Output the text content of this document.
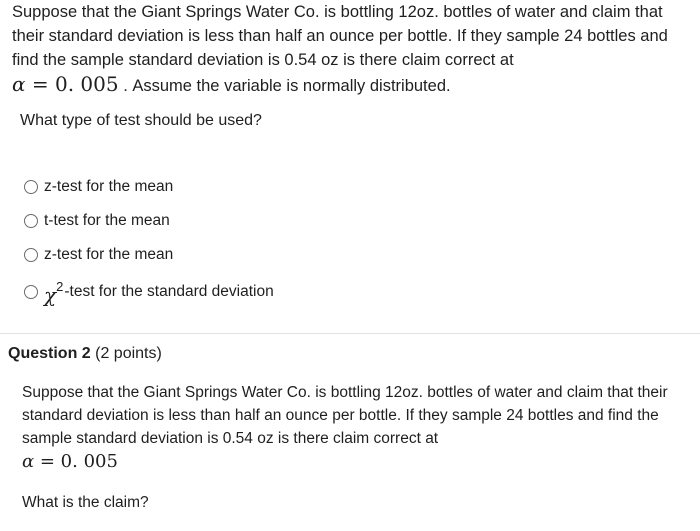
Suppose that the Giant Springs Water Co. is bottling 12oz. bottles of water and claim that their standard deviation is less than half an ounce per bottle. If they sample 24 bottles and find the sample standard deviation is 0.54 oz is there claim correct at
α = 0. 005 . Assume the variable is normally distributed.

What type of test should be used?
z-test for the mean
t-test for the mean
z-test for the mean
χ 2 -test for the standard deviation
Question 2 (2 points)

Suppose that the Giant Springs Water Co. is bottling 12oz. bottles of water and claim that their standard deviation is less than half an ounce per bottle. If they sample 24 bottles and find the sample standard deviation is 0.54 oz is there claim correct at
α = 0. 005

What is the claim?
